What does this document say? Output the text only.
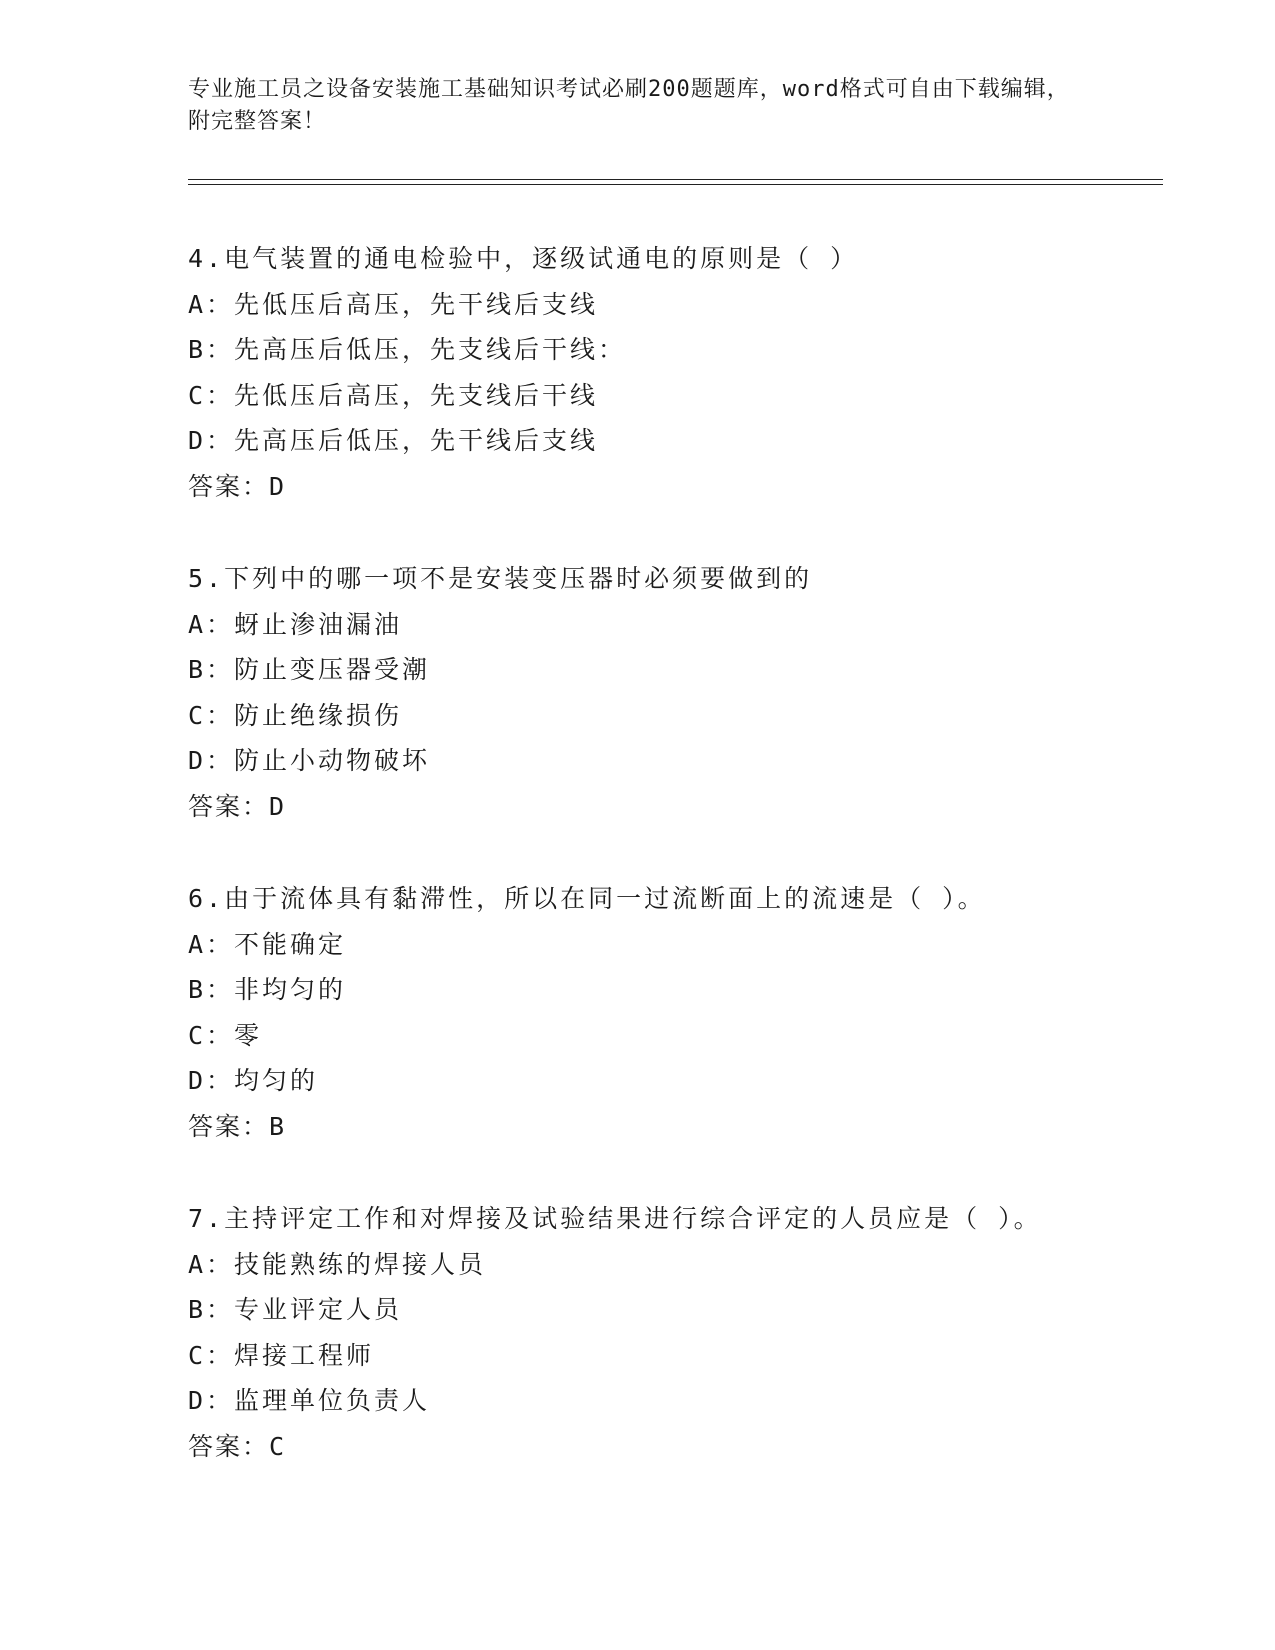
专业施工员之设备安装施工基础知识考试必刷200题题库，word格式可自由下载编辑，附完整答案！
4.电气装置的通电检验中，逐级试通电的原则是（ ）
A：先低压后高压，先干线后支线
B：先高压后低压，先支线后干线：
C：先低压后高压，先支线后干线
D：先高压后低压，先干线后支线
答案：D
5.下列中的哪一项不是安装变压器时必须要做到的
A：蚜止渗油漏油
B：防止变压器受潮
C：防止绝缘损伤
D：防止小动物破坏
答案：D
6.由于流体具有黏滞性，所以在同一过流断面上的流速是（ ）。
A：不能确定
B：非均匀的
C：零
D：均匀的
答案：B
7.主持评定工作和对焊接及试验结果进行综合评定的人员应是（ ）。
A：技能熟练的焊接人员
B：专业评定人员
C：焊接工程师
D：监理单位负责人
答案：C
